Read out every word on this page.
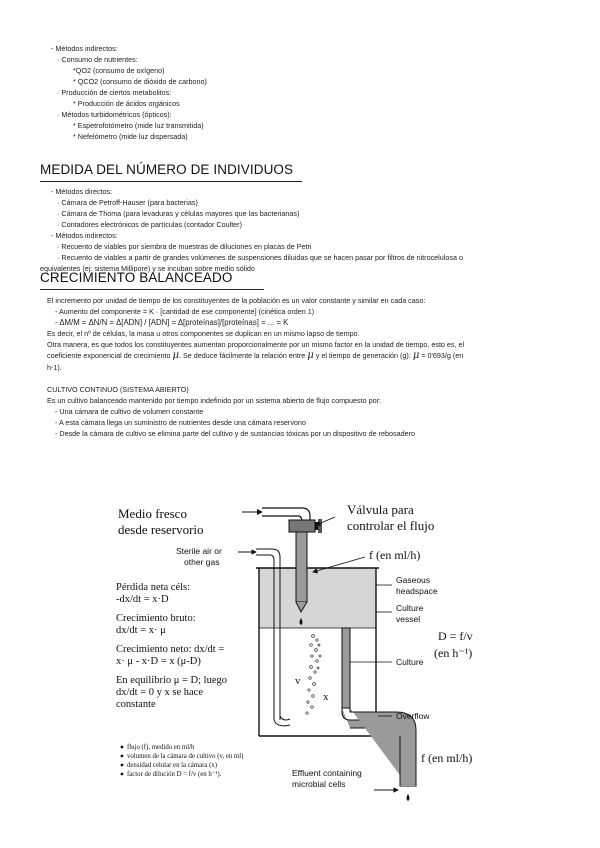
- Métodos indirectos:
· Consumo de nutrientes:
*QO2 (consumo de oxígeno)
* QCO2 (consumo de dióxido de carbono)
· Producción de ciertos metabolitos:
* Producción de ácidos orgánicos
· Métodos turbidométricos (ópticos):
* Espetrofotómetro (mide luz transmitida)
* Nefelómetro (mide luz dispersada)
MEDIDA DEL NÚMERO DE INDIVIDUOS
- Métodos directos:
· Cámara de Petroff-Hauser (para bacterias)
· Cámara de Thoma (para levaduras y células mayores que las bacterianas)
· Contadores electrónicos de partículas (contador Coulter)
- Métodos indirectos:
· Recuento de viables por siembra de muestras de diluciones en placas de Petri
· Recuento de viables a partir de grandes volúmenes de suspensiones diluidas que se hacen pasar por filtros de nitrocelulosa o
equivalentes (ej: sistema Millipore) y se incuban sobre medio sólido
CRECIMIENTO BALANCEADO
El incremento por unidad de tiempo de los constituyentes de la población es un valor constante y similar en cada caso:
- Aumento del componente = K · [cantidad de ese componente] (cinética orden 1)
- ΔM/M = ΔN/N = Δ[ADN] / [ADN] = Δ[proteínas]/[proteínas] = ... = K
Es decir, el nº de células, la masa u otros componentes se duplican en un mismo lapso de tiempo.
Otra manera, es que todos los constituyentes aumentan proporcionalmente por un mismo factor en la unidad de tiempo, esto es, el
coeficiente exponencial de crecimiento μ. Se deduce fácilmente la relación entre μ y el tiempo de generación (g): μ = 0'693/g (en
h-1).
CULTIVO CONTINUO (SISTEMA ABIERTO)
Es un cultivo balanceado mantenido por tiempo indefinido por un sistema abierto de flujo compuesto por:
- Una cámara de cultivo de volumen constante
- A esta cámara llega un suministro de nutrientes desde una cámara reservorio
- Desde la cámara de cultivo se elimina parte del cultivo y de sustancias tóxicas por un dispositivo de rebosadero
Medio fresco
desde reservorio
Válvula para
controlar el flujo
f (en ml/h)
Sterile air or
other gas
Gaseous
headspace
Culture
vessel
Culture
D = f/v
(en h⁻¹)
Pérdida neta céls:
-dx/dt = x·D
Crecimiento bruto:
dx/dt = x· μ
Crecimiento neto: dx/dt =
x· μ - x·D = x (μ-D)
En equilibrio μ = D; luego
dx/dt = 0 y x se hace
constante
v
x
Overflow
f (en ml/h)
Effluent containing
microbial cells
flujo (f), medido en ml/h
volumen de la cámara de cultivo (v, en ml)
densidad celular en la cámara (x)
factor de dilución D = f/v (en h⁻¹).
